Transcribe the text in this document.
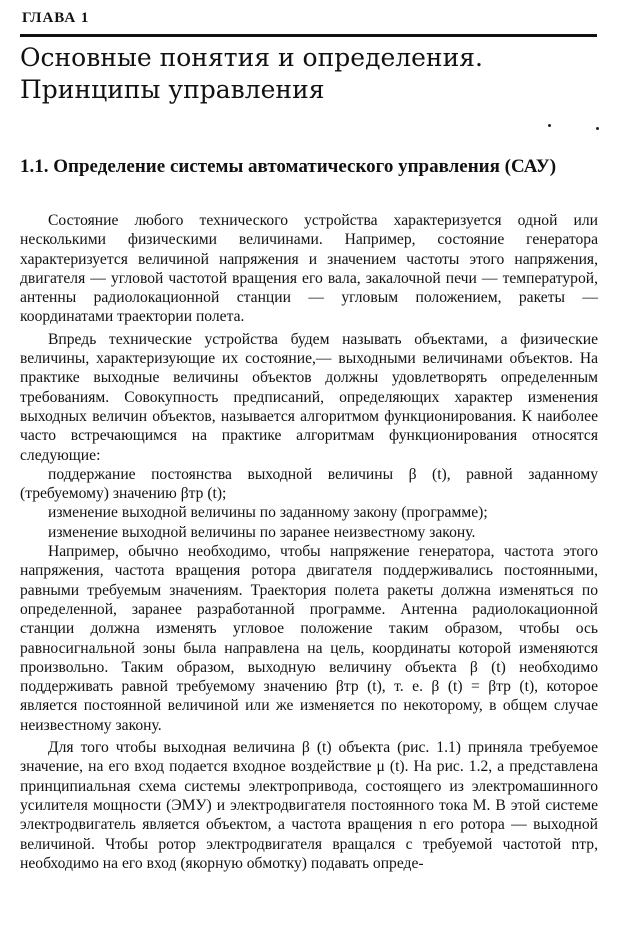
ГЛАВА 1
Основные понятия и определения. Принципы управления
1.1. Определение системы автоматического управления (САУ)

Состояние любого технического устройства характеризуется одной или несколькими физическими величинами. Например, состояние генератора характеризуется величиной напряжения и значением частоты этого напряжения, двигателя — угловой частотой вращения его вала, закалочной печи — температурой, антенны радиолокационной станции — угловым положением, ракеты — координатами траектории полета.

Впредь технические устройства будем называть объектами, а физические величины, характеризующие их состояние,— выходными величинами объектов. На практике выходные величины объектов должны удовлетворять определенным требованиям. Совокупность предписаний, определяющих характер изменения выходных величин объектов, называется алгоритмом функционирования. К наиболее часто встречающимся на практике алгоритмам функционирования относятся следующие:

поддержание постоянства выходной величины β (t), равной заданному (требуемому) значению βтр (t);

изменение выходной величины по заданному закону (программе);

изменение выходной величины по заранее неизвестному закону.

Например, обычно необходимо, чтобы напряжение генератора, частота этого напряжения, частота вращения ротора двигателя поддерживались постоянными, равными требуемым значениям. Траектория полета ракеты должна изменяться по определенной, заранее разработанной программе. Антенна радиолокационной станции должна изменять угловое положение таким образом, чтобы ось равносигнальной зоны была направлена на цель, координаты которой изменяются произвольно. Таким образом, выходную величину объекта β (t) необходимо поддерживать равной требуемому значению βтр (t), т. е. β (t) = βтр (t), которое является постоянной величиной или же изменяется по некоторому, в общем случае неизвестному закону.

Для того чтобы выходная величина β (t) объекта (рис. 1.1) приняла требуемое значение, на его вход подается входное воздействие μ (t). На рис. 1.2, а представлена принципиальная схема системы электропривода, состоящего из электромашинного усилителя мощности (ЭМУ) и электродвигателя постоянного тока М. В этой системе электродвигатель является объектом, а частота вращения n его ротора — выходной величиной. Чтобы ротор электродвигателя вращался с требуемой частотой nтр, необходимо на его вход (якорную обмотку) подавать опреде-
